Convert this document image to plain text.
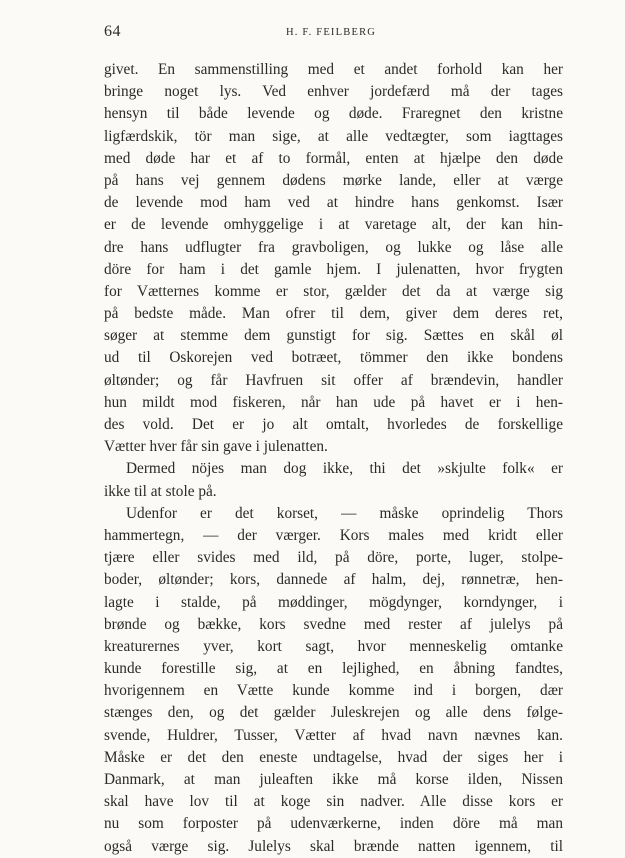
64	H. F. FEILBERG
givet. En sammenstilling med et andet forhold kan her
bringe noget lys. Ved enhver jordefærd må der tages
hensyn til både levende og døde. Fraregnet den kristne
ligfærdskik, tör man sige, at alle vedtægter, som iagttages
med døde har et af to formål, enten at hjælpe den døde
på hans vej gennem dødens mørke lande, eller at værge
de levende mod ham ved at hindre hans genkomst. Især
er de levende omhyggelige i at varetage alt, der kan hin-
dre hans udflugter fra gravboligen, og lukke og låse alle
döre for ham i det gamle hjem. I julenatten, hvor frygten
for Vætternes komme er stor, gælder det da at værge sig
på bedste måde. Man ofrer til dem, giver dem deres ret,
søger at stemme dem gunstigt for sig. Sættes en skål øl
ud til Oskorejen ved botræet, tömmer den ikke bondens
øltønder; og får Havfruen sit offer af brændevin, handler
hun mildt mod fiskeren, når han ude på havet er i hen-
des vold. Det er jo alt omtalt, hvorledes de forskellige
Vætter hver får sin gave i julenatten.
Dermed nöjes man dog ikke, thi det »skjulte folk« er
ikke til at stole på.
Udenfor er det korset, — måske oprindelig Thors
hammertegn, — der værger. Kors males med kridt eller
tjære eller svides med ild, på döre, porte, luger, stolpe-
boder, øltønder; kors, dannede af halm, dej, rønnetræ, hen-
lagte i stalde, på møddinger, mögdynger, korndynger, i
brønde og bække, kors svedne med rester af julelys på
kreaturernes yver, kort sagt, hvor menneskelig omtanke
kunde forestille sig, at en lejlighed, en åbning fandtes,
hvorigennem en Vætte kunde komme ind i borgen, dær
stænges den, og det gælder Juleskrejen og alle dens følge-
svende, Huldrer, Tusser, Vætter af hvad navn nævnes kan.
Måske er det den eneste undtagelse, hvad der siges her i
Danmark, at man juleaften ikke må korse ilden, Nissen
skal have lov til at koge sin nadver. Alle disse kors er
nu som forposter på udenværkerne, inden döre må man
også værge sig. Julelys skal brænde natten igennem, til
